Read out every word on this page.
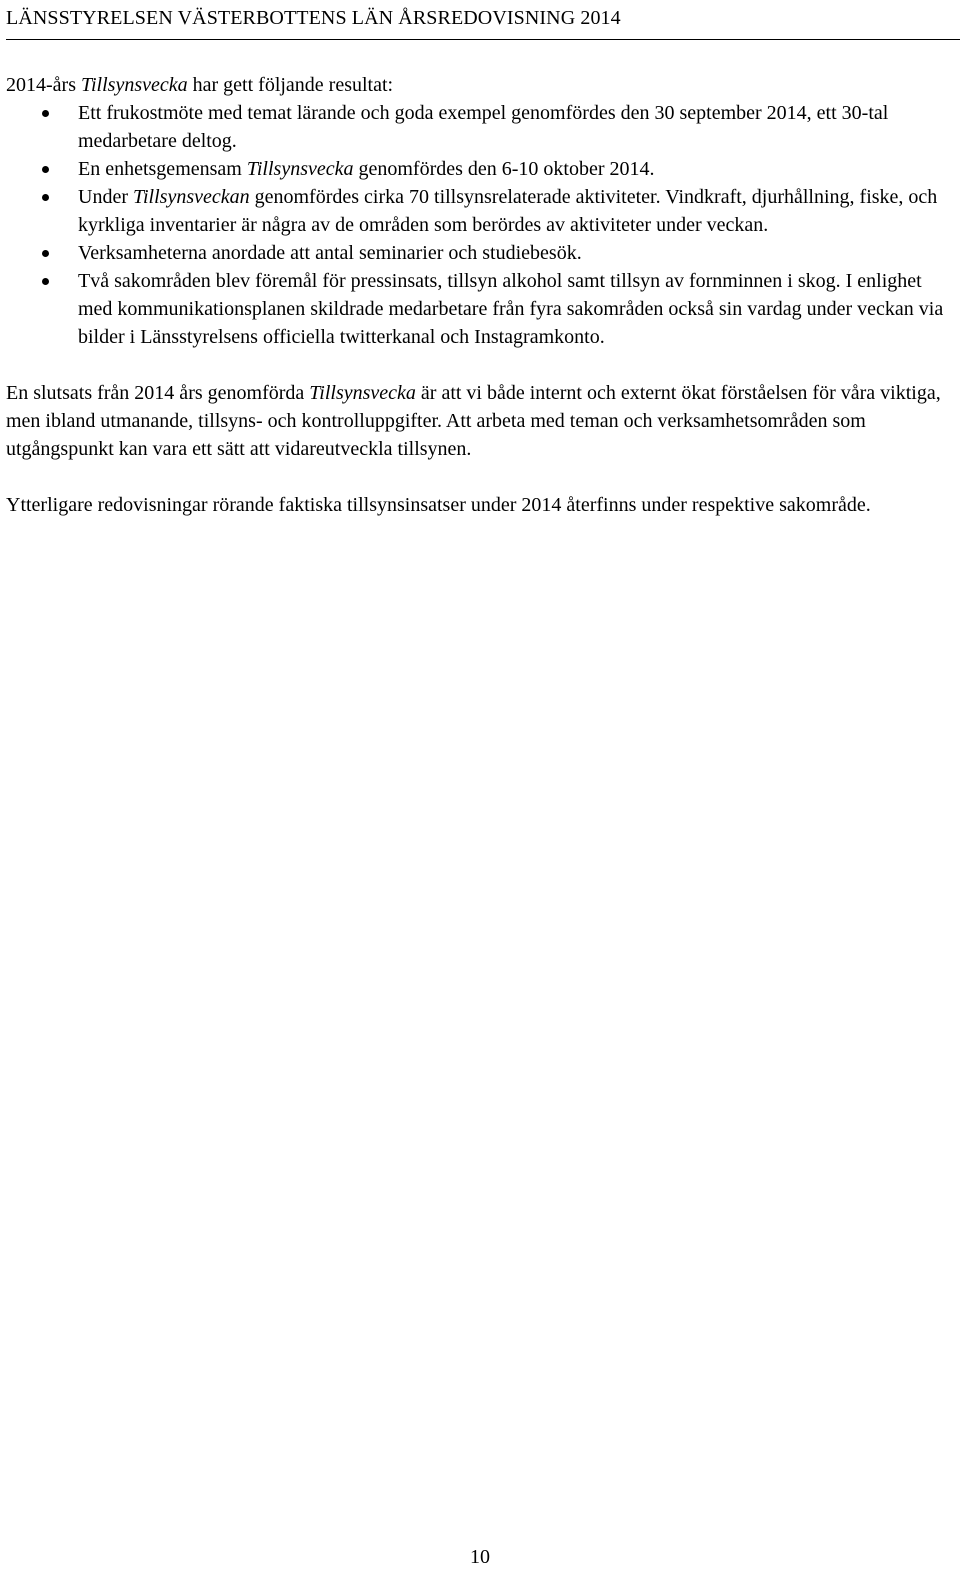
LÄNSSTYRELSEN VÄSTERBOTTENS LÄN ÅRSREDOVISNING 2014

2014-års Tillsynsvecka har gett följande resultat:

Ett frukostmöte med temat lärande och goda exempel genomfördes den 30 september 2014, ett 30-tal medarbetare deltog.
En enhetsgemensam Tillsynsvecka genomfördes den 6-10 oktober 2014.
Under Tillsynsveckan genomfördes cirka 70 tillsynsrelaterade aktiviteter. Vindkraft, djurhållning, fiske, och kyrkliga inventarier är några av de områden som berördes av aktiviteter under veckan.
Verksamheterna anordade att antal seminarier och studiebesök.
Två sakområden blev föremål för pressinsats, tillsyn alkohol samt tillsyn av fornminnen i skog. I enlighet med kommunikationsplanen skildrade medarbetare från fyra sakområden också sin vardag under veckan via bilder i Länsstyrelsens officiella twitterkanal och Instagramkonto.

En slutsats från 2014 års genomförda Tillsynsvecka är att vi både internt och externt ökat förståelsen för våra viktiga, men ibland utmanande, tillsyns- och kontrolluppgifter. Att arbeta med teman och verksamhetsområden som utgångspunkt kan vara ett sätt att vidareutveckla tillsynen.

Ytterligare redovisningar rörande faktiska tillsynsinsatser under 2014 återfinns under respektive sakområde.

10
